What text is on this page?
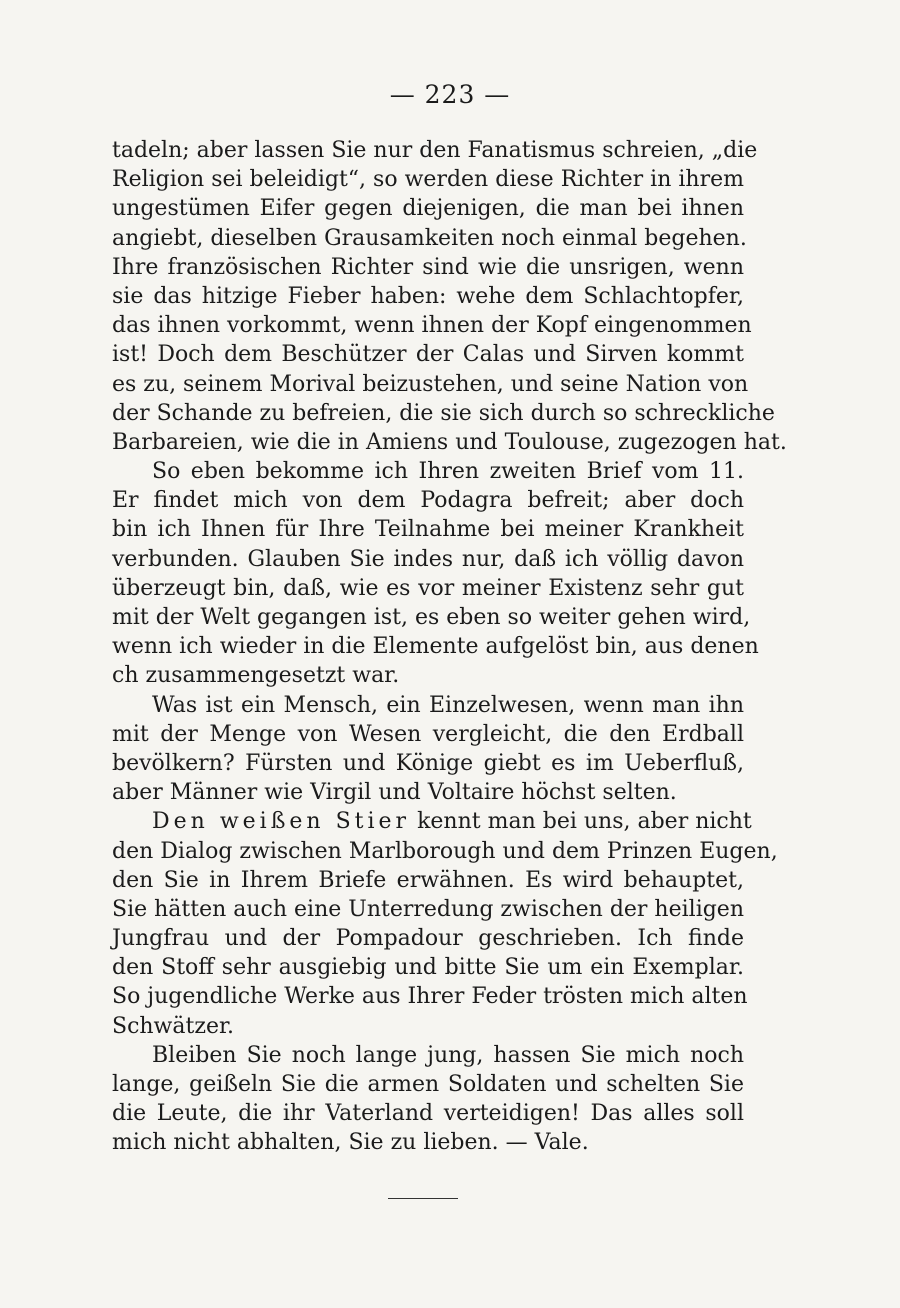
— 223 —
tadeln; aber lassen Sie nur den Fanatismus schreien, „die
Religion sei beleidigt“, so werden diese Richter in ihrem
ungestümen Eifer gegen diejenigen, die man bei ihnen
angiebt, dieselben Grausamkeiten noch einmal begehen.
Ihre französischen Richter sind wie die unsrigen, wenn
sie das hitzige Fieber haben: wehe dem Schlachtopfer,
das ihnen vorkommt, wenn ihnen der Kopf eingenommen
ist! Doch dem Beschützer der Calas und Sirven kommt
es zu, seinem Morival beizustehen, und seine Nation von
der Schande zu befreien, die sie sich durch so schreckliche
Barbareien, wie die in Amiens und Toulouse, zugezogen hat.
So eben bekomme ich Ihren zweiten Brief vom 11.
Er findet mich von dem Podagra befreit; aber doch
bin ich Ihnen für Ihre Teilnahme bei meiner Krankheit
verbunden. Glauben Sie indes nur, daß ich völlig davon
überzeugt bin, daß, wie es vor meiner Existenz sehr gut
mit der Welt gegangen ist, es eben so weiter gehen wird,
wenn ich wieder in die Elemente aufgelöst bin, aus denen
ch zusammengesetzt war.
Was ist ein Mensch, ein Einzelwesen, wenn man ihn
mit der Menge von Wesen vergleicht, die den Erdball
bevölkern? Fürsten und Könige giebt es im Ueberfluß,
aber Männer wie Virgil und Voltaire höchst selten.
Den weißen Stier kennt man bei uns, aber nicht
den Dialog zwischen Marlborough und dem Prinzen Eugen,
den Sie in Ihrem Briefe erwähnen. Es wird behauptet,
Sie hätten auch eine Unterredung zwischen der heiligen
Jungfrau und der Pompadour geschrieben. Ich finde
den Stoff sehr ausgiebig und bitte Sie um ein Exemplar.
So jugendliche Werke aus Ihrer Feder trösten mich alten
Schwätzer.
Bleiben Sie noch lange jung, hassen Sie mich noch
lange, geißeln Sie die armen Soldaten und schelten Sie
die Leute, die ihr Vaterland verteidigen! Das alles soll
mich nicht abhalten, Sie zu lieben. — Vale.
